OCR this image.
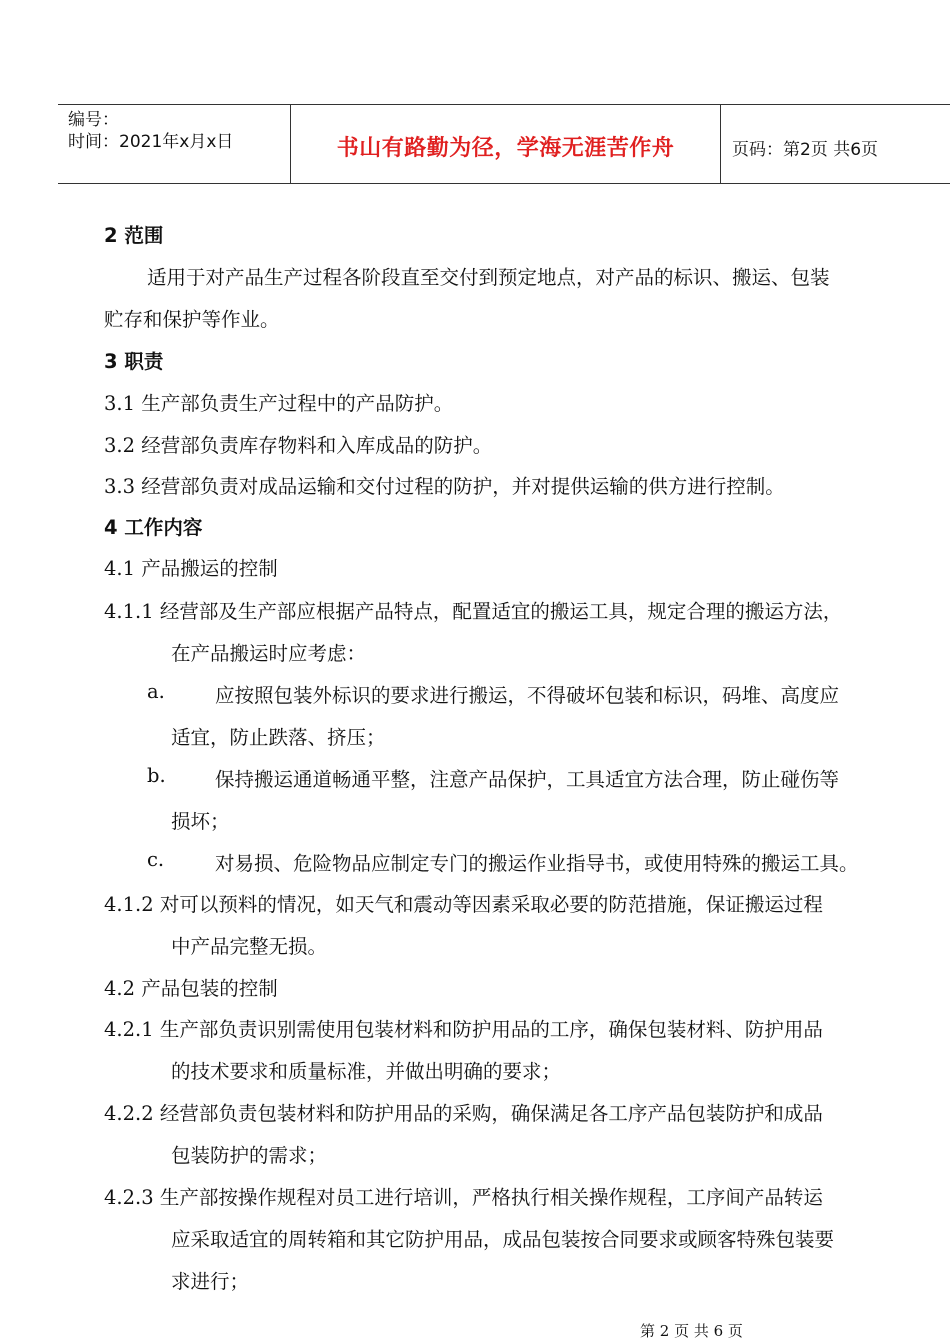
编号：
时间：2021年x月x日	书山有路勤为径，学海无涯苦作舟	页码：第2页 共6页
2 范围
适用于对产品生产过程各阶段直至交付到预定地点，对产品的标识、搬运、包装
贮存和保护等作业。
3 职责
3.1 生产部负责生产过程中的产品防护。
3.2 经营部负责库存物料和入库成品的防护。
3.3 经营部负责对成品运输和交付过程的防护，并对提供运输的供方进行控制。
4 工作内容
4.1 产品搬运的控制
4.1.1 经营部及生产部应根据产品特点，配置适宜的搬运工具，规定合理的搬运方法，
在产品搬运时应考虑：
a.	应按照包装外标识的要求进行搬运，不得破坏包装和标识，码堆、高度应
适宜，防止跌落、挤压；
b.	保持搬运通道畅通平整，注意产品保护，工具适宜方法合理，防止碰伤等
损坏；
c.	对易损、危险物品应制定专门的搬运作业指导书，或使用特殊的搬运工具。
4.1.2 对可以预料的情况，如天气和震动等因素采取必要的防范措施，保证搬运过程
中产品完整无损。
4.2 产品包装的控制
4.2.1 生产部负责识别需使用包装材料和防护用品的工序，确保包装材料、防护用品
的技术要求和质量标准，并做出明确的要求；
4.2.2 经营部负责包装材料和防护用品的采购，确保满足各工序产品包装防护和成品
包装防护的需求；
4.2.3 生产部按操作规程对员工进行培训，严格执行相关操作规程，工序间产品转运
应采取适宜的周转箱和其它防护用品，成品包装按合同要求或顾客特殊包装要
求进行；
第 2 页 共 6 页
